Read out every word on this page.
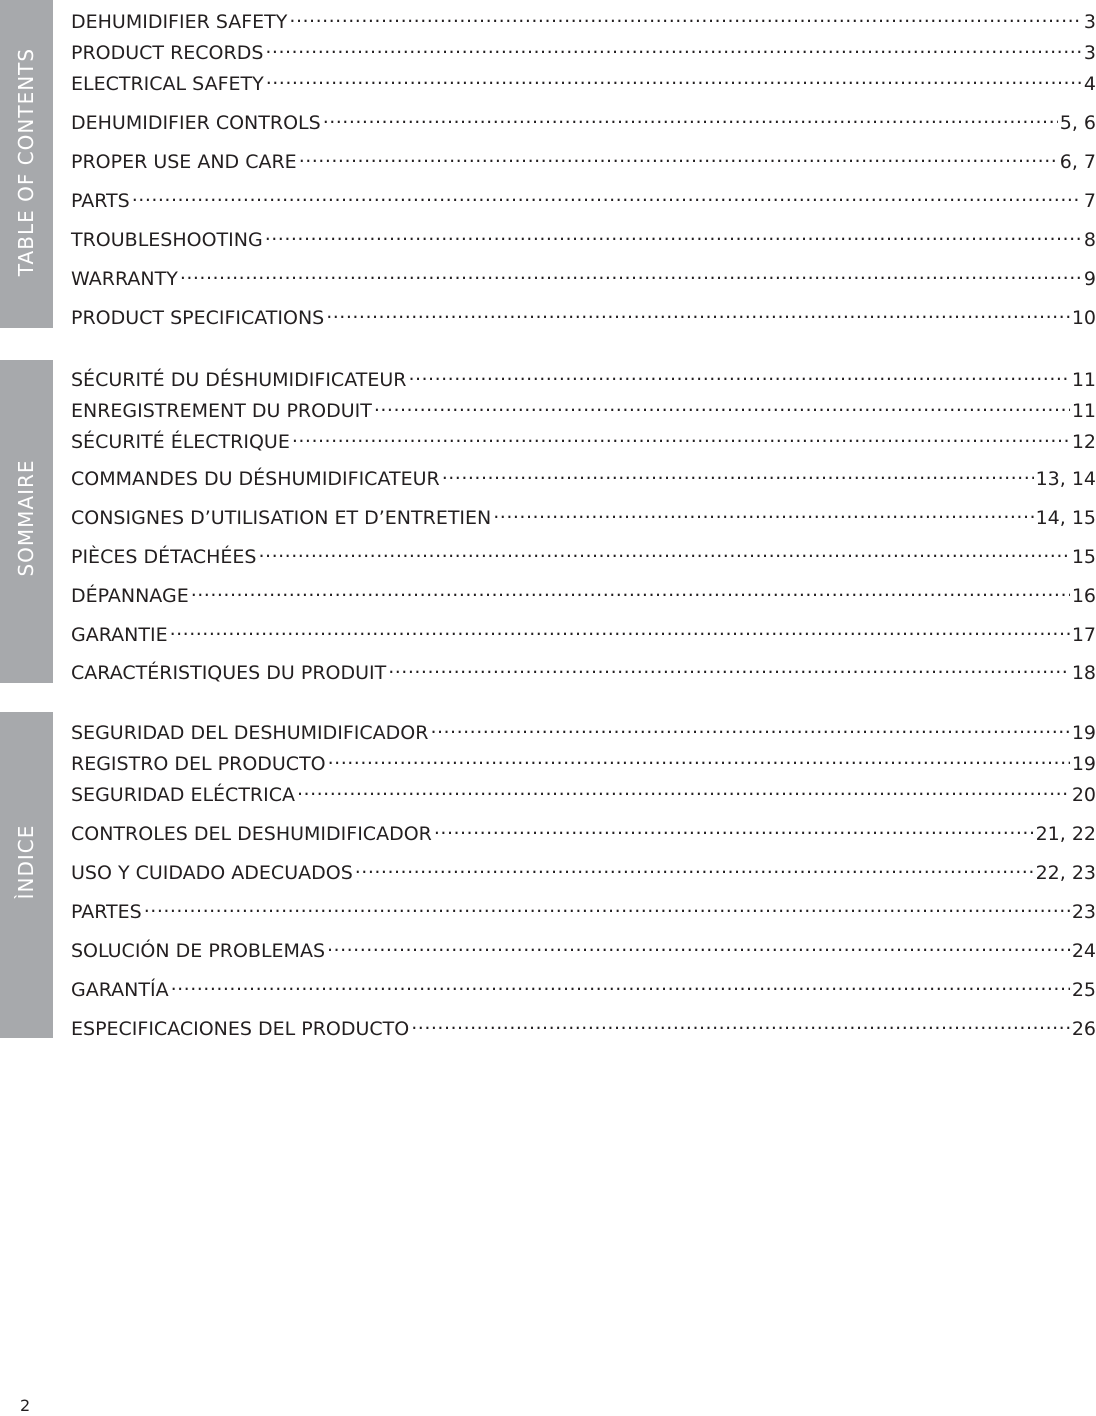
TABLE OF CONTENTS
DEHUMIDIFIER SAFETY .....	3
PRODUCT RECORDS .....	3
ELECTRICAL SAFETY .....	4
DEHUMIDIFIER CONTROLS .....	5, 6
PROPER USE AND CARE .....	6, 7
PARTS .....	7
TROUBLESHOOTING .....	8
WARRANTY .....	9
PRODUCT SPECIFICATIONS .....	10
SOMMAIRE
SÉCURITÉ DU DÉSHUMIDIFICATEUR .....	11
ENREGISTREMENT DU PRODUIT .....	11
SÉCURITÉ ÉLECTRIQUE .....	12
COMMANDES DU DÉSHUMIDIFICATEUR .....	13, 14
CONSIGNES D’UTILISATION ET D’ENTRETIEN .....	14, 15
PIÈCES DÉTACHÉES .....	15
DÉPANNAGE .....	16
GARANTIE .....	17
CARACTÉRISTIQUES DU PRODUIT .....	18
ÌNDICE
SEGURIDAD DEL DESHUMIDIFICADOR .....	19
REGISTRO DEL PRODUCTO .....	19
SEGURIDAD ELÉCTRICA .....	20
CONTROLES DEL DESHUMIDIFICADOR .....	21, 22
USO Y CUIDADO ADECUADOS .....	22, 23
PARTES .....	23
SOLUCIÓN DE PROBLEMAS .....	24
GARANTÍA .....	25
ESPECIFICACIONES DEL PRODUCTO .....	26
2
